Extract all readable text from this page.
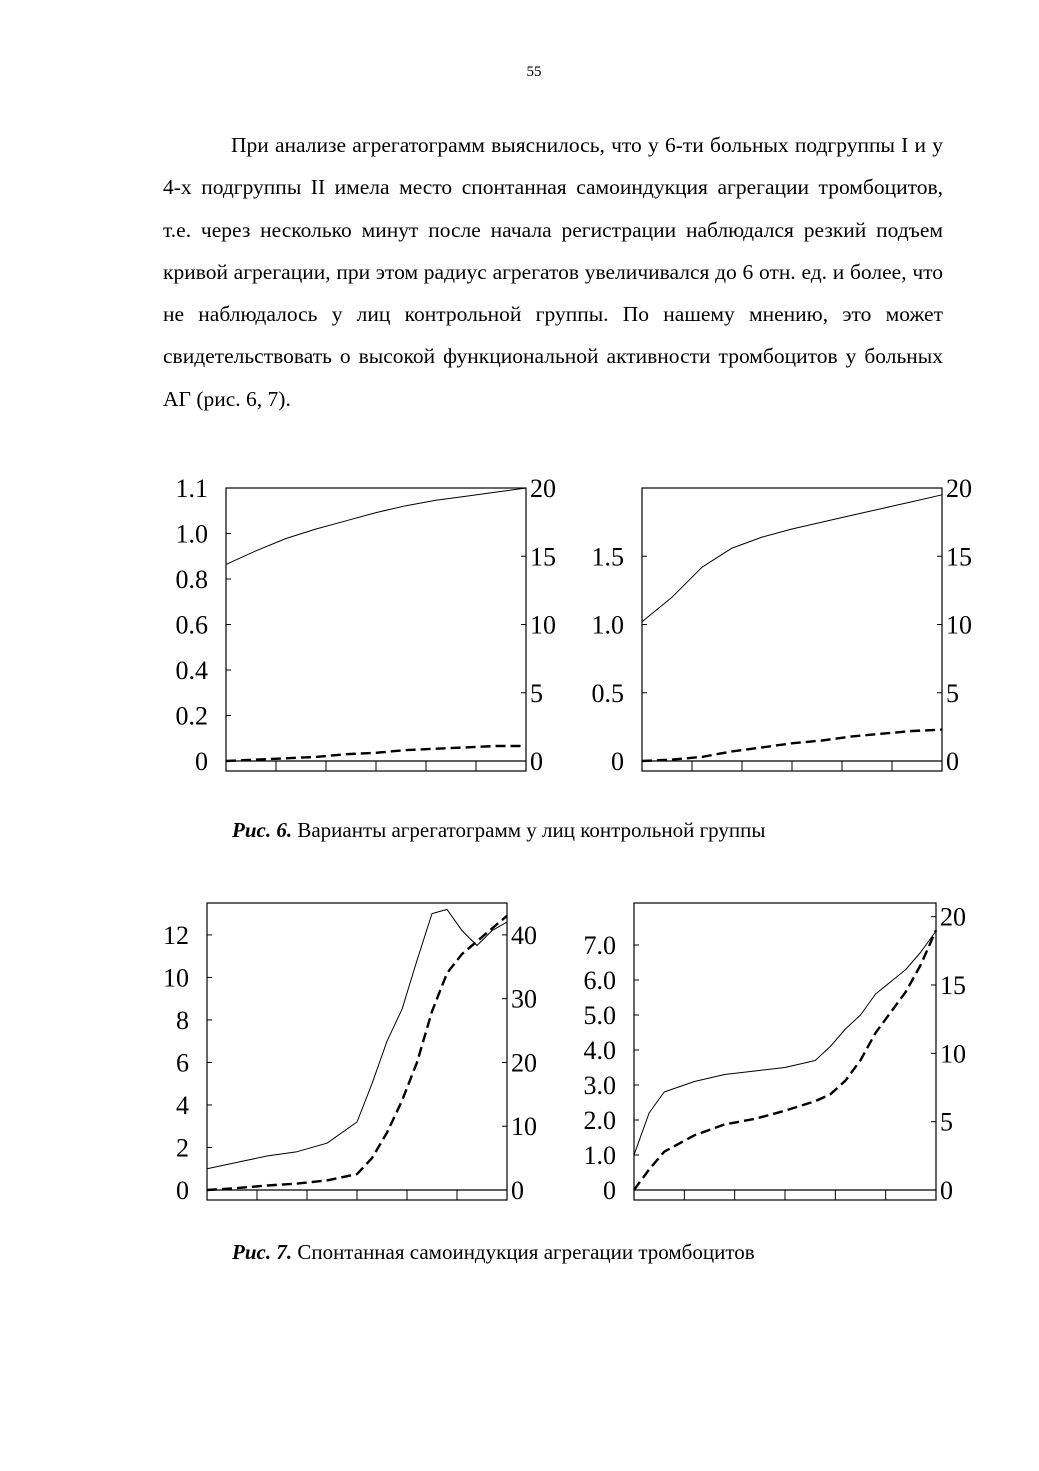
55

При анализе агрегатограмм выяснилось, что у 6-ти больных подгруппы I и у 4-х подгруппы II имела место спонтанная самоиндукция агрегации тромбоцитов, т.е. через несколько минут после начала регистрации наблюдался резкий подъем кривой агрегации, при этом радиус агрегатов увеличивался до 6 отн. ед. и более, что не наблюдалось у лиц контрольной группы. По нашему мнению, это может свидетельствовать о высокой функциональной активности тромбоцитов у больных АГ (рис. 6, 7).

0
0.2
0.4
0.6
0.8
1.0
1.1
0
5
10
15
20
0
0.5
1.0
1.5
0
5
10
15
20
Рис. 6. Варианты агрегатограмм у лиц контрольной группы
0
2
4
6
8
10
12
0
10
20
30
40
0
1.0
2.0
3.0
4.0
5.0
6.0
7.0
0
5
10
15
20
Рис. 7. Спонтанная самоиндукция агрегации тромбоцитов
